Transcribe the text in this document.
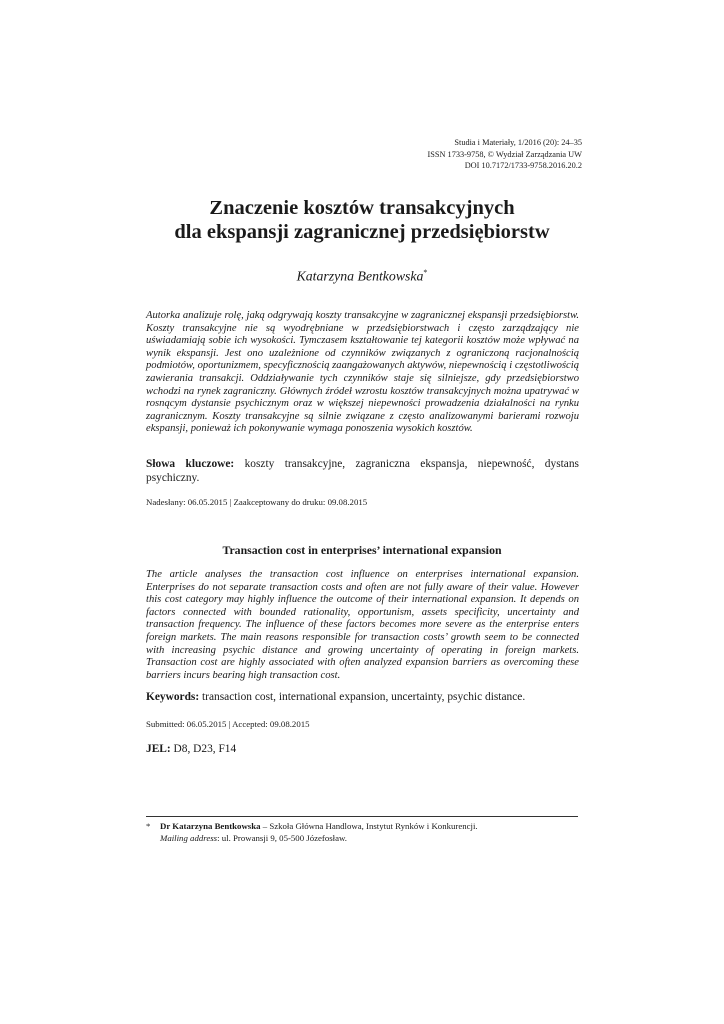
Studia i Materiały, 1/2016 (20): 24–35
ISSN 1733-9758, © Wydział Zarządzania UW
DOI 10.7172/1733-9758.2016.20.2
Znaczenie kosztów transakcyjnych
dla ekspansji zagranicznej przedsiębiorstw
Katarzyna Bentkowska*
Autorka analizuje rolę, jaką odgrywają koszty transakcyjne w zagranicznej ekspansji przedsiębiorstw. Koszty transakcyjne nie są wyodrębniane w przedsiębiorstwach i często zarządzający nie uświadamiają sobie ich wysokości. Tymczasem kształtowanie tej kategorii kosztów może wpływać na wynik ekspansji. Jest ono uzależnione od czynników związanych z ograniczoną racjonalnością podmiotów, oportunizmem, specyficznością zaangażowanych aktywów, niepewnością i częstotliwością zawierania transakcji. Oddziaływanie tych czynników staje się silniejsze, gdy przedsiębiorstwo wchodzi na rynek zagraniczny. Głównych źródeł wzrostu kosztów transakcyjnych można upatrywać w rosnącym dystansie psychicznym oraz w większej niepewności prowadzenia działalności na rynku zagranicznym. Koszty transakcyjne są silnie związane z często analizowanymi barierami rozwoju ekspansji, ponieważ ich pokonywanie wymaga ponoszenia wysokich kosztów.
Słowa kluczowe: koszty transakcyjne, zagraniczna ekspansja, niepewność, dystans psychiczny.
Nadesłany: 06.05.2015 | Zaakceptowany do druku: 09.08.2015
Transaction cost in enterprises’ international expansion
The article analyses the transaction cost influence on enterprises international expansion. Enterprises do not separate transaction costs and often are not fully aware of their value. However this cost category may highly influence the outcome of their international expansion. It depends on factors connected with bounded rationality, opportunism, assets specificity, uncertainty and transaction frequency. The influence of these factors becomes more severe as the enterprise enters foreign markets. The main reasons responsible for transaction costs’ growth seem to be connected with increasing psychic distance and growing uncertainty of operating in foreign markets. Transaction cost are highly associated with often analyzed expansion barriers as overcoming these barriers incurs bearing high transaction cost.
Keywords: transaction cost, international expansion, uncertainty, psychic distance.
Submitted: 06.05.2015 | Accepted: 09.08.2015
JEL: D8, D23, F14
*	Dr Katarzyna Bentkowska – Szkoła Główna Handlowa, Instytut Rynków i Konkurencji.
Mailing address: ul. Prowansji 9, 05-500 Józefosław.
